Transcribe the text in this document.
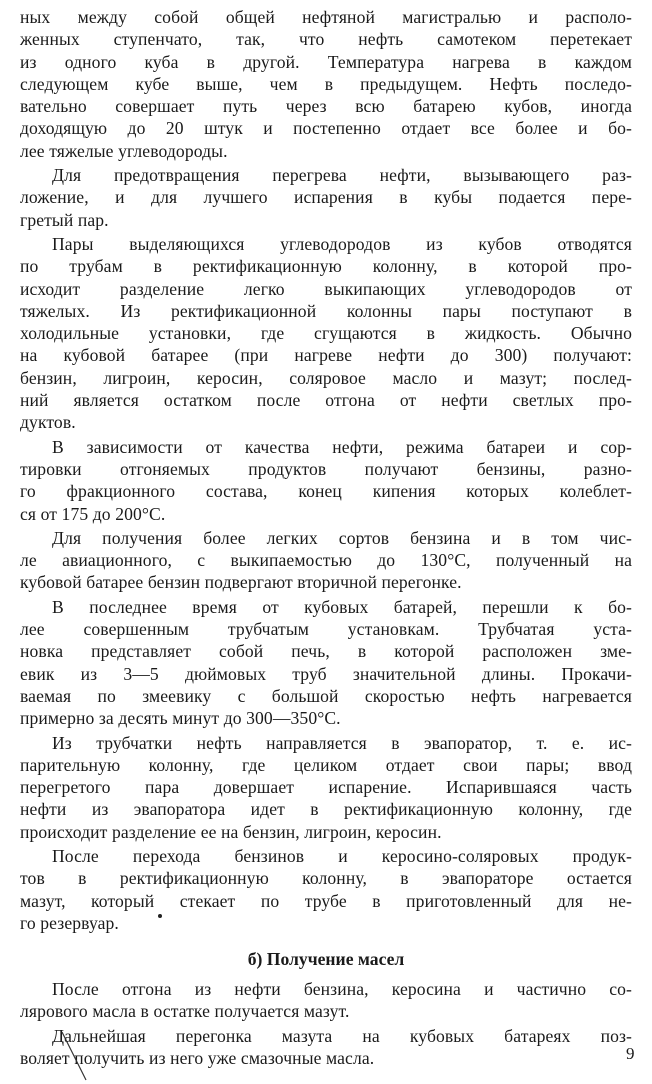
ных между собой общей нефтяной магистралью и располо-
женных ступенчато, так, что нефть самотеком перетекает
из одного куба в другой. Температура нагрева в каждом
следующем кубе выше, чем в предыдущем. Нефть последо-
вательно совершает путь через всю батарею кубов, иногда
доходящую до 20 штук и постепенно отдает все более и бо-
лее тяжелые углеводороды.
Для предотвращения перегрева нефти, вызывающего раз-
ложение, и для лучшего испарения в кубы подается пере-
гретый пар.
Пары выделяющихся углеводородов из кубов отводятся
по трубам в ректификационную колонну, в которой про-
исходит разделение легко выкипающих углеводородов от
тяжелых. Из ректификационной колонны пары поступают в
холодильные установки, где сгущаются в жидкость. Обычно
на кубовой батарее (при нагреве нефти до 300) получают:
бензин, лигроин, керосин, соляровое масло и мазут; послед-
ний является остатком после отгона от нефти светлых про-
дуктов.
В зависимости от качества нефти, режима батареи и сор-
тировки отгоняемых продуктов получают бензины, разно-
го фракционного состава, конец кипения которых колеблет-
ся от 175 до 200°С.
Для получения более легких сортов бензина и в том чис-
ле авиационного, с выкипаемостью до 130°С, полученный на
кубовой батарее бензин подвергают вторичной перегонке.
В последнее время от кубовых батарей, перешли к бо-
лее совершенным трубчатым установкам. Трубчатая уста-
новка представляет собой печь, в которой расположен зме-
евик из 3—5 дюймовых труб значительной длины. Прокачи-
ваемая по змеевику с большой скоростью нефть нагревается
примерно за десять минут до 300—350°С.
Из трубчатки нефть направляется в эвапоратор, т. е. ис-
парительную колонну, где целиком отдает свои пары; ввод
перегретого пара довершает испарение. Испарившаяся часть
нефти из эвапоратора идет в ректификационную колонну, где
происходит разделение ее на бензин, лигроин, керосин.
После перехода бензинов и керосино-соляровых продук-
тов в ректификационную колонну, в эвапораторе остается
мазут, который стекает по трубе в приготовленный для не-
го резервуар.
б) Получение масел
После отгона из нефти бензина, керосина и частично со-
лярового масла в остатке получается мазут.
Дальнейшая перегонка мазута на кубовых батареях поз-
воляет получить из него уже смазочные масла.	9
